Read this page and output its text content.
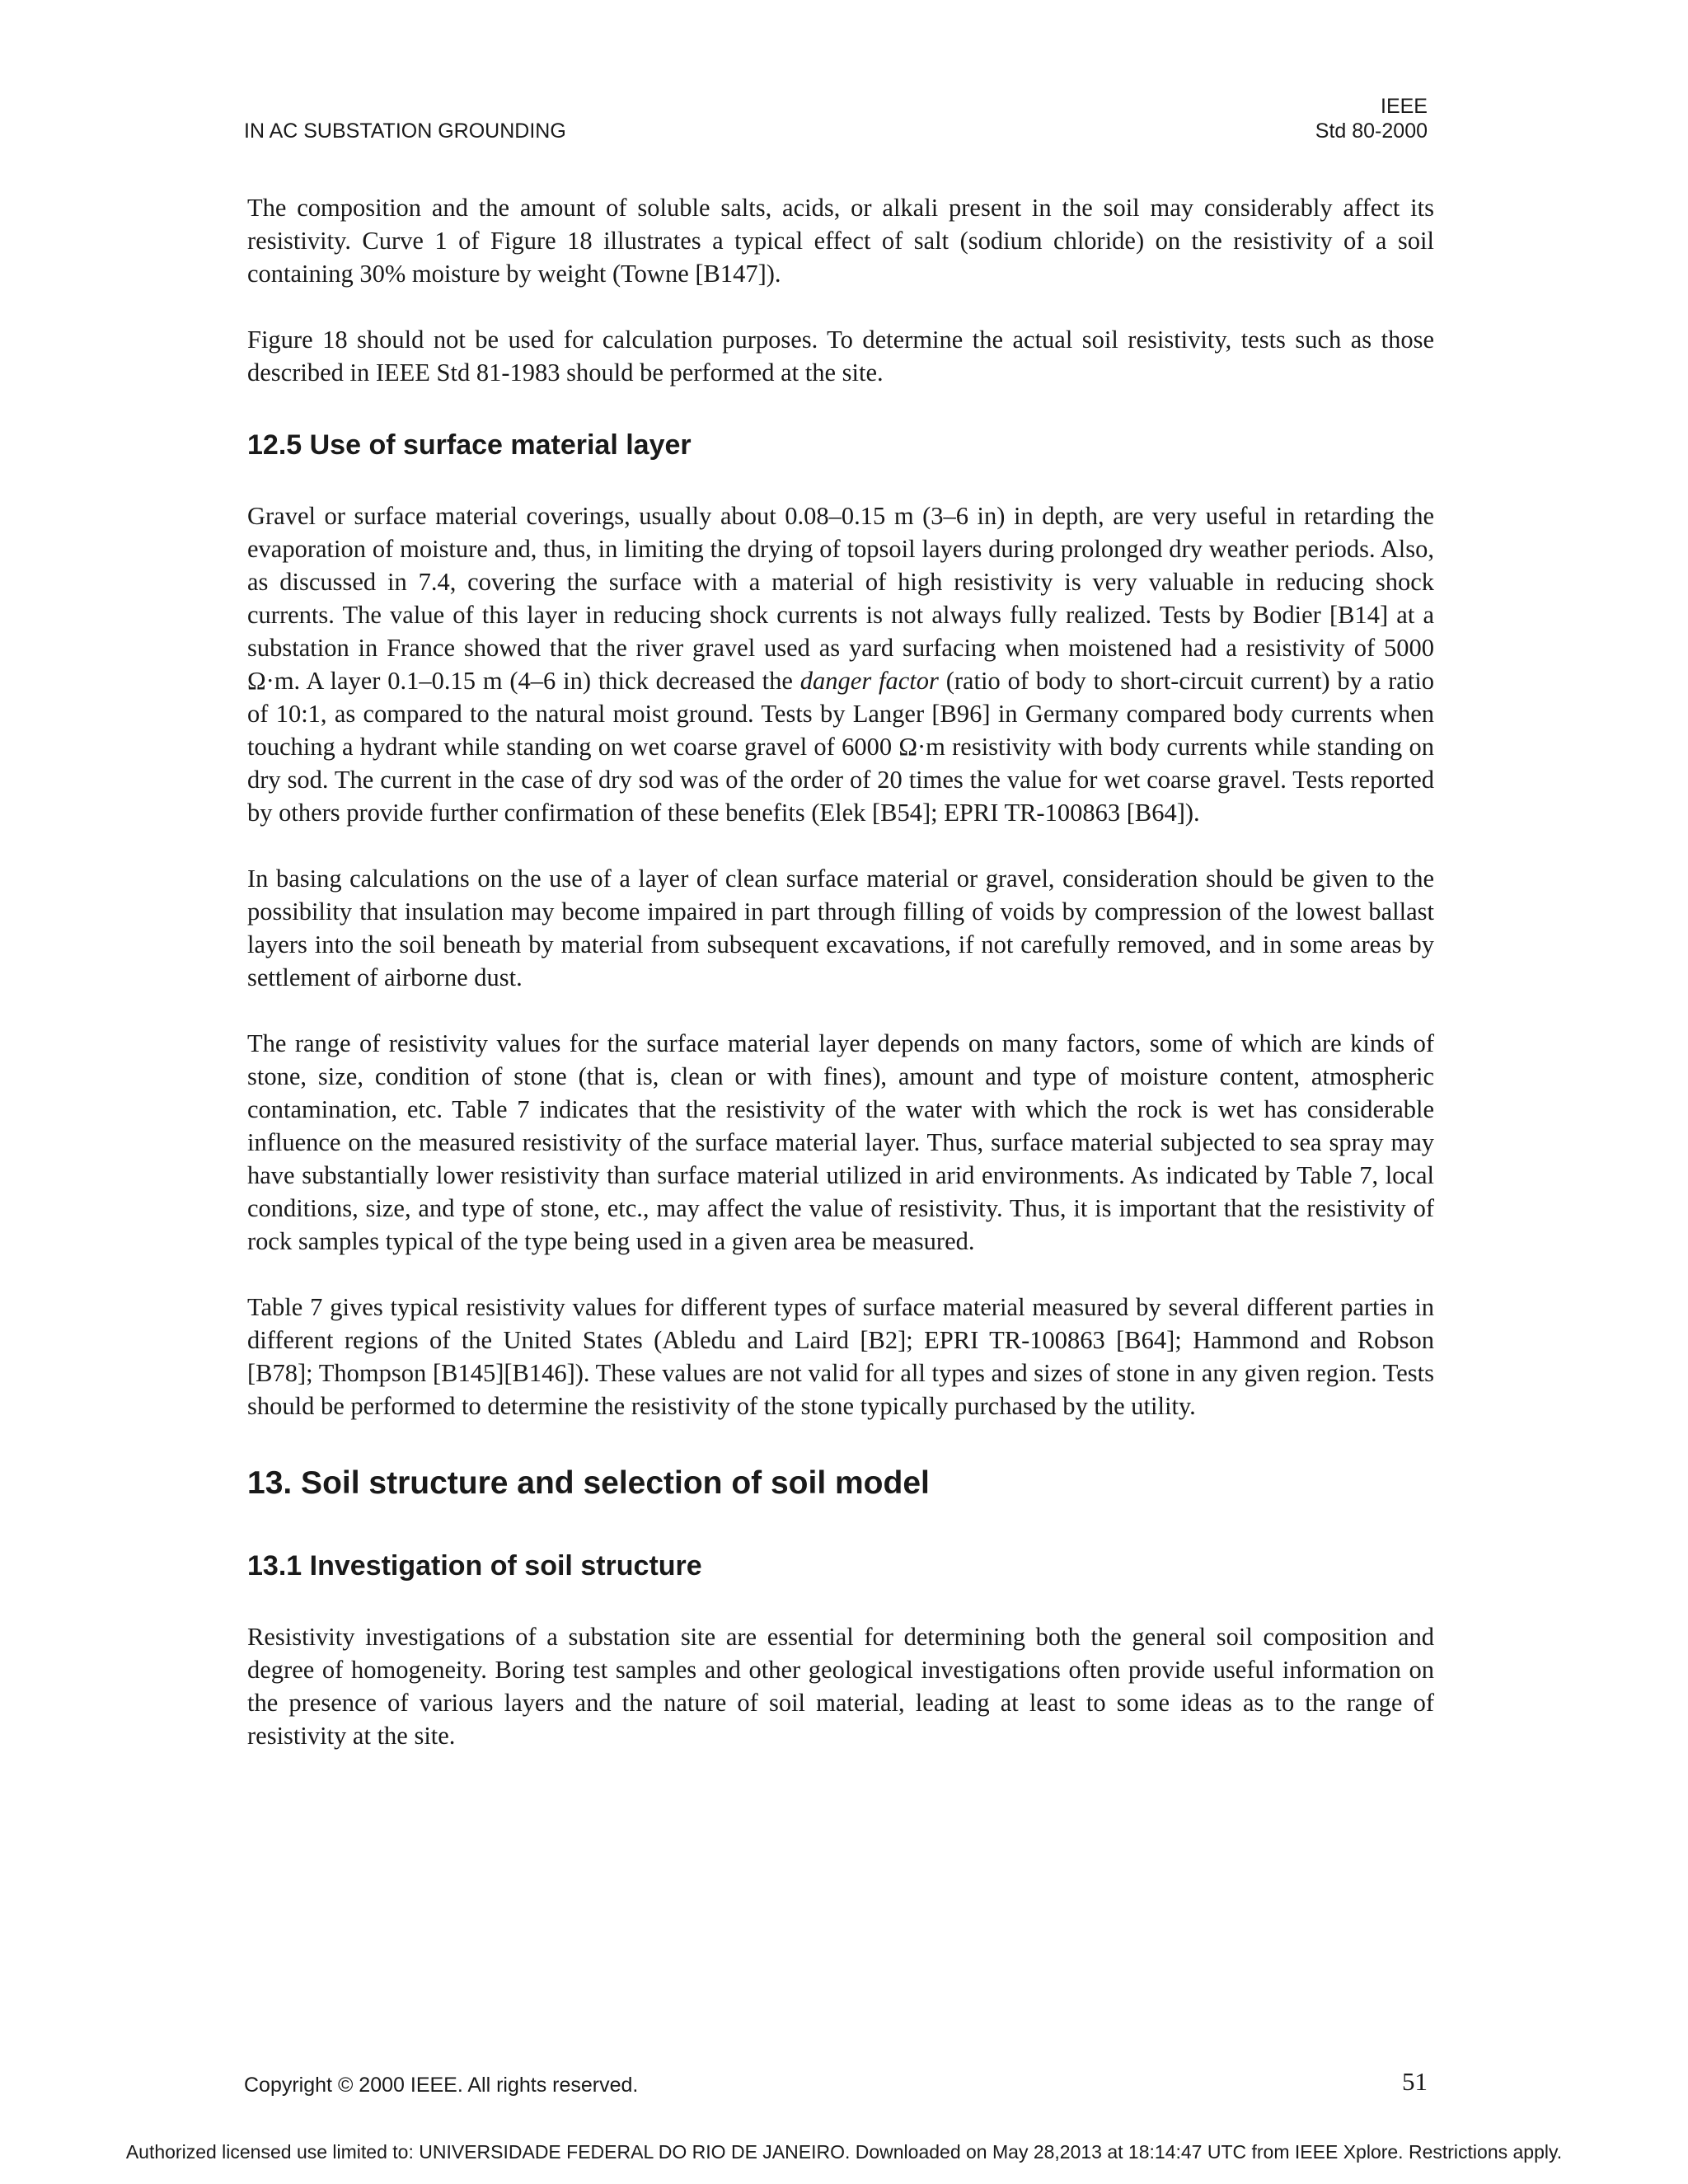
IN AC SUBSTATION GROUNDING
IEEE
Std 80-2000

The composition and the amount of soluble salts, acids, or alkali present in the soil may considerably affect its resistivity. Curve 1 of Figure 18 illustrates a typical effect of salt (sodium chloride) on the resistivity of a soil containing 30% moisture by weight (Towne [B147]).

Figure 18 should not be used for calculation purposes. To determine the actual soil resistivity, tests such as those described in IEEE Std 81-1983 should be performed at the site.

12.5 Use of surface material layer

Gravel or surface material coverings, usually about 0.08–0.15 m (3–6 in) in depth, are very useful in retarding the evaporation of moisture and, thus, in limiting the drying of topsoil layers during prolonged dry weather periods. Also, as discussed in 7.4, covering the surface with a material of high resistivity is very valuable in reducing shock currents. The value of this layer in reducing shock currents is not always fully realized. Tests by Bodier [B14] at a substation in France showed that the river gravel used as yard surfacing when moistened had a resistivity of 5000 Ω·m. A layer 0.1–0.15 m (4–6 in) thick decreased the danger factor (ratio of body to short-circuit current) by a ratio of 10:1, as compared to the natural moist ground. Tests by Langer [B96] in Germany compared body currents when touching a hydrant while standing on wet coarse gravel of 6000 Ω·m resistivity with body currents while standing on dry sod. The current in the case of dry sod was of the order of 20 times the value for wet coarse gravel. Tests reported by others provide further confirmation of these benefits (Elek [B54]; EPRI TR-100863 [B64]).

In basing calculations on the use of a layer of clean surface material or gravel, consideration should be given to the possibility that insulation may become impaired in part through filling of voids by compression of the lowest ballast layers into the soil beneath by material from subsequent excavations, if not carefully removed, and in some areas by settlement of airborne dust.

The range of resistivity values for the surface material layer depends on many factors, some of which are kinds of stone, size, condition of stone (that is, clean or with fines), amount and type of moisture content, atmospheric contamination, etc. Table 7 indicates that the resistivity of the water with which the rock is wet has considerable influence on the measured resistivity of the surface material layer. Thus, surface material subjected to sea spray may have substantially lower resistivity than surface material utilized in arid environments. As indicated by Table 7, local conditions, size, and type of stone, etc., may affect the value of resistivity. Thus, it is important that the resistivity of rock samples typical of the type being used in a given area be measured.

Table 7 gives typical resistivity values for different types of surface material measured by several different parties in different regions of the United States (Abledu and Laird [B2]; EPRI TR-100863 [B64]; Hammond and Robson [B78]; Thompson [B145][B146]). These values are not valid for all types and sizes of stone in any given region. Tests should be performed to determine the resistivity of the stone typically purchased by the utility.

13. Soil structure and selection of soil model
13.1 Investigation of soil structure

Resistivity investigations of a substation site are essential for determining both the general soil composition and degree of homogeneity. Boring test samples and other geological investigations often provide useful information on the presence of various layers and the nature of soil material, leading at least to some ideas as to the range of resistivity at the site.

Copyright © 2000 IEEE. All rights reserved.	51
Authorized licensed use limited to: UNIVERSIDADE FEDERAL DO RIO DE JANEIRO. Downloaded on May 28,2013 at 18:14:47 UTC from IEEE Xplore. Restrictions apply.
